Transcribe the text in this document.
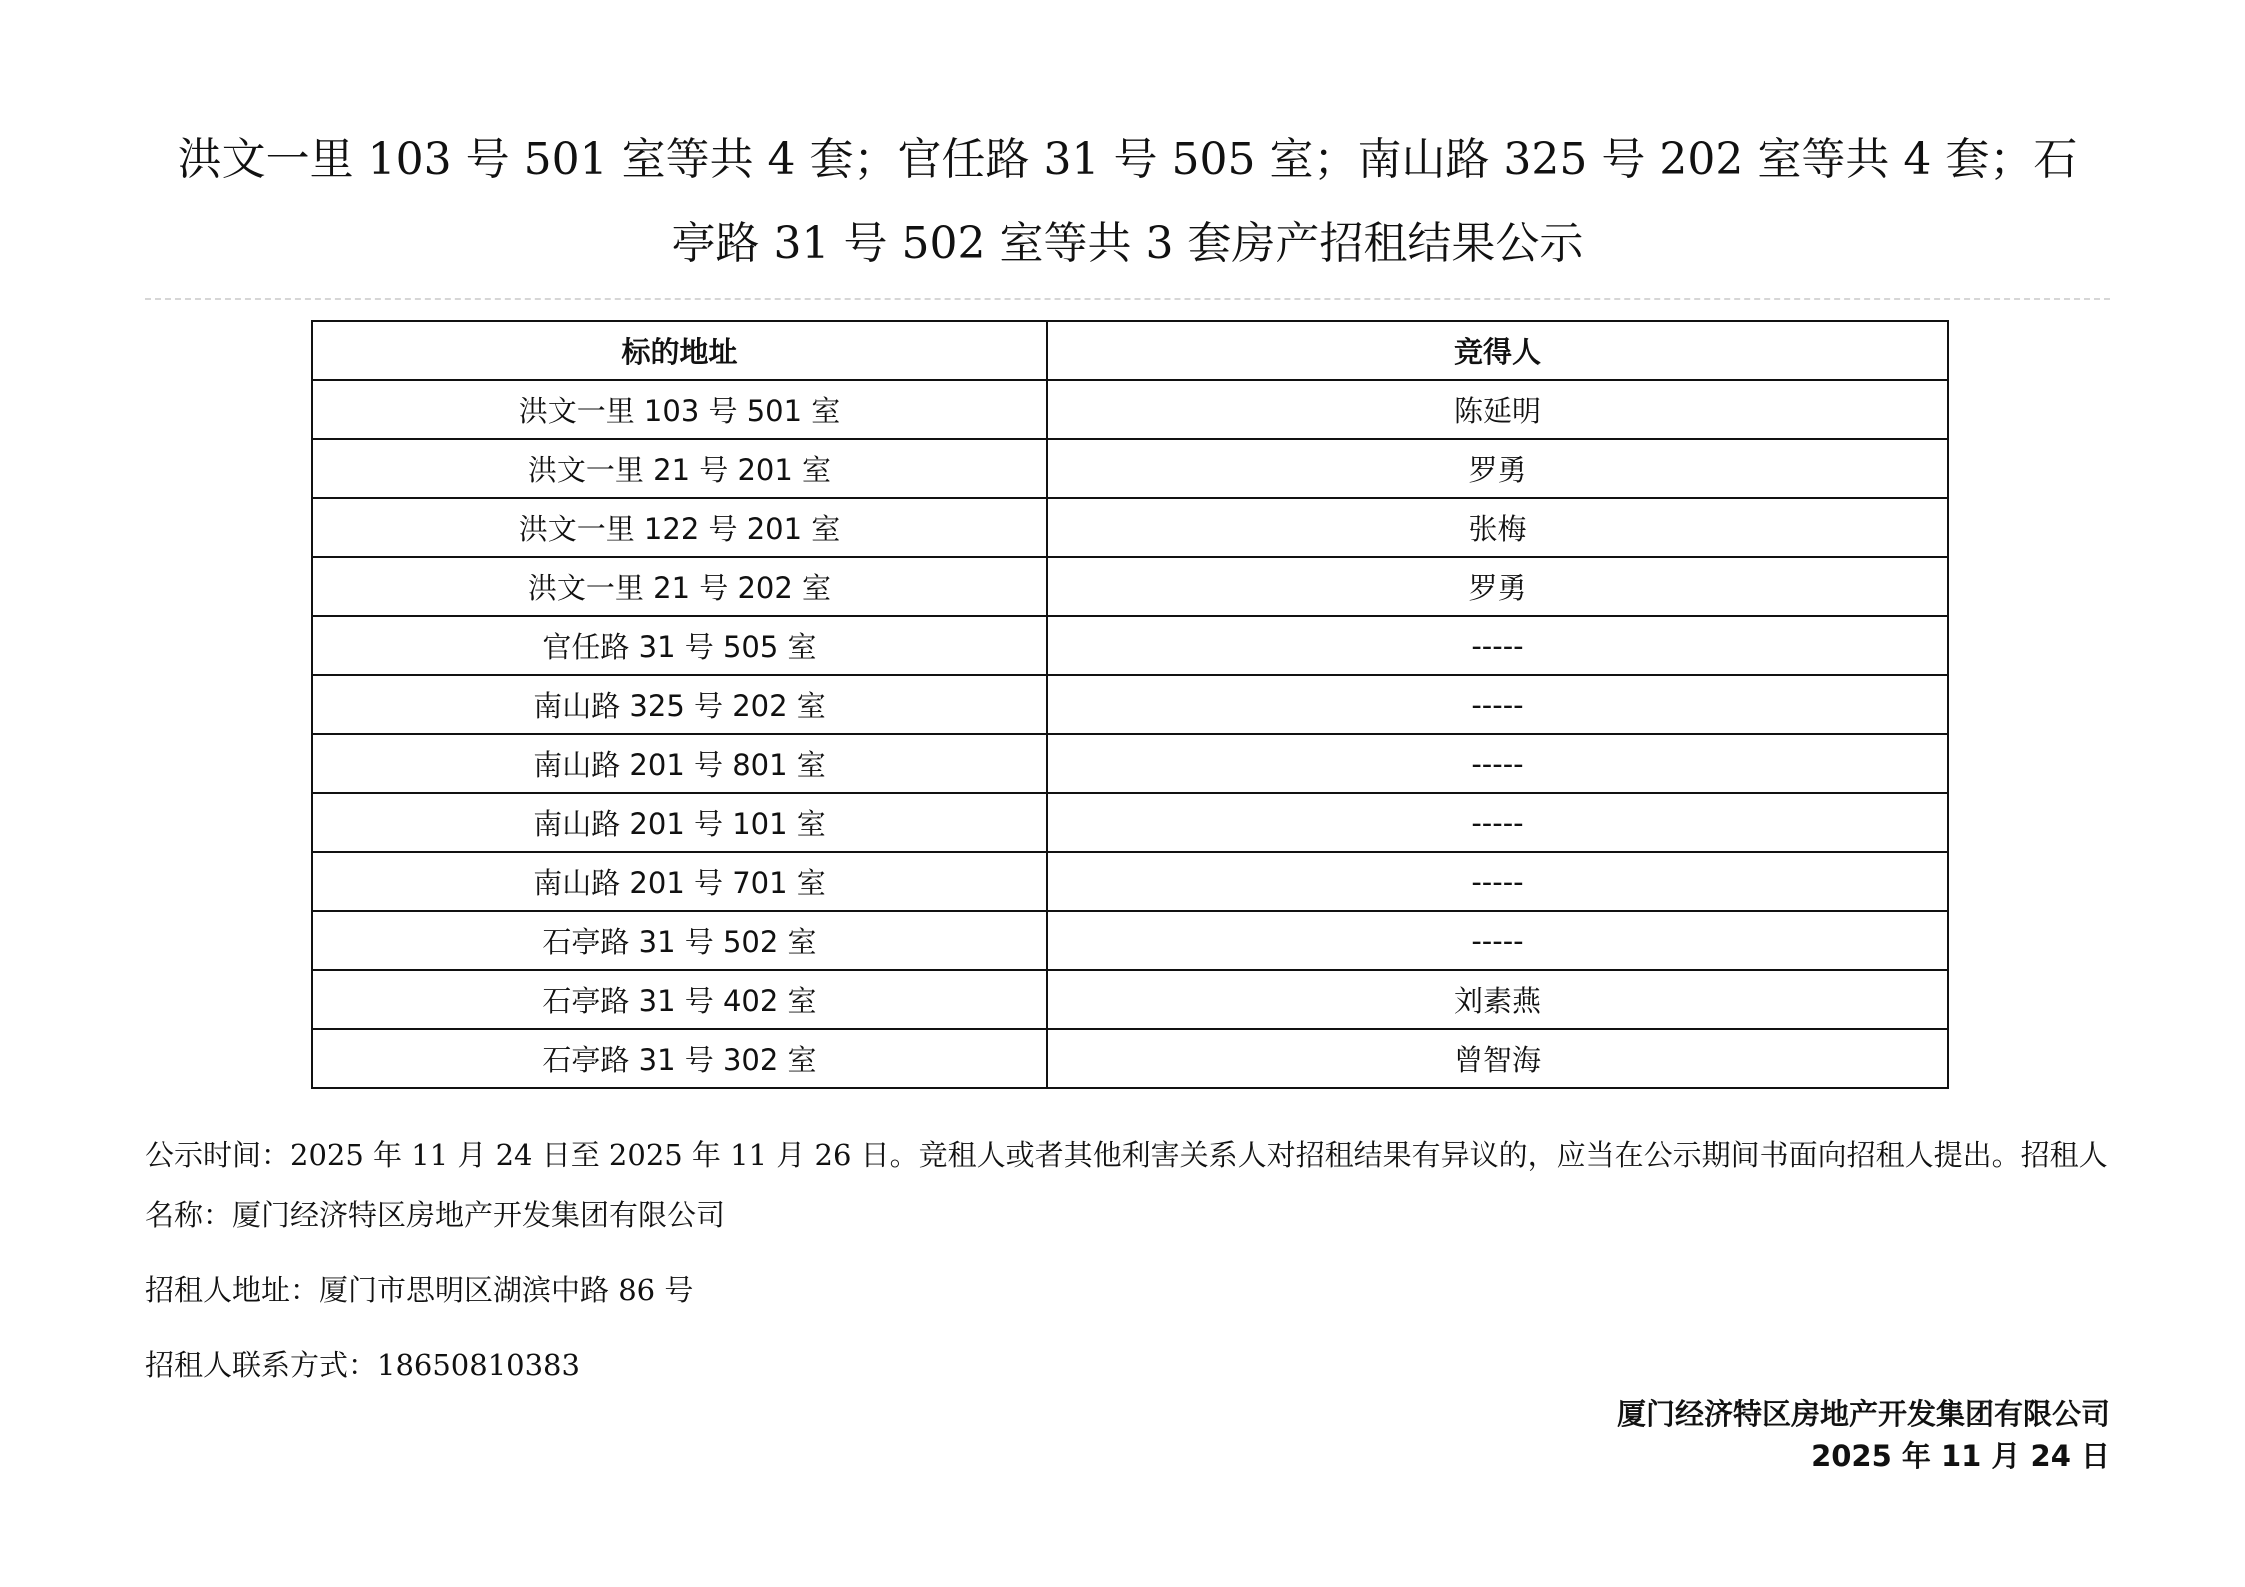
洪文一里 103 号 501 室等共 4 套；官任路 31 号 505 室；南山路 325 号 202 室等共 4 套；石
亭路 31 号 502 室等共 3 套房产招租结果公示
标的地址	竞得人
洪文一里 103 号 501 室	陈延明
洪文一里 21 号 201 室	罗勇
洪文一里 122 号 201 室	张梅
洪文一里 21 号 202 室	罗勇
官任路 31 号 505 室	-----
南山路 325 号 202 室	-----
南山路 201 号 801 室	-----
南山路 201 号 101 室	-----
南山路 201 号 701 室	-----
石亭路 31 号 502 室	-----
石亭路 31 号 402 室	刘素燕
石亭路 31 号 302 室	曾智海

公示时间：2025 年 11 月 24 日至 2025 年 11 月 26 日。竞租人或者其他利害关系人对招租结果有异议的，应当在公示期间书面向招租人提出。招租人名称：厦门经济特区房地产开发集团有限公司

招租人地址：厦门市思明区湖滨中路 86 号

招租人联系方式：18650810383

厦门经济特区房地产开发集团有限公司
2025 年 11 月 24 日
